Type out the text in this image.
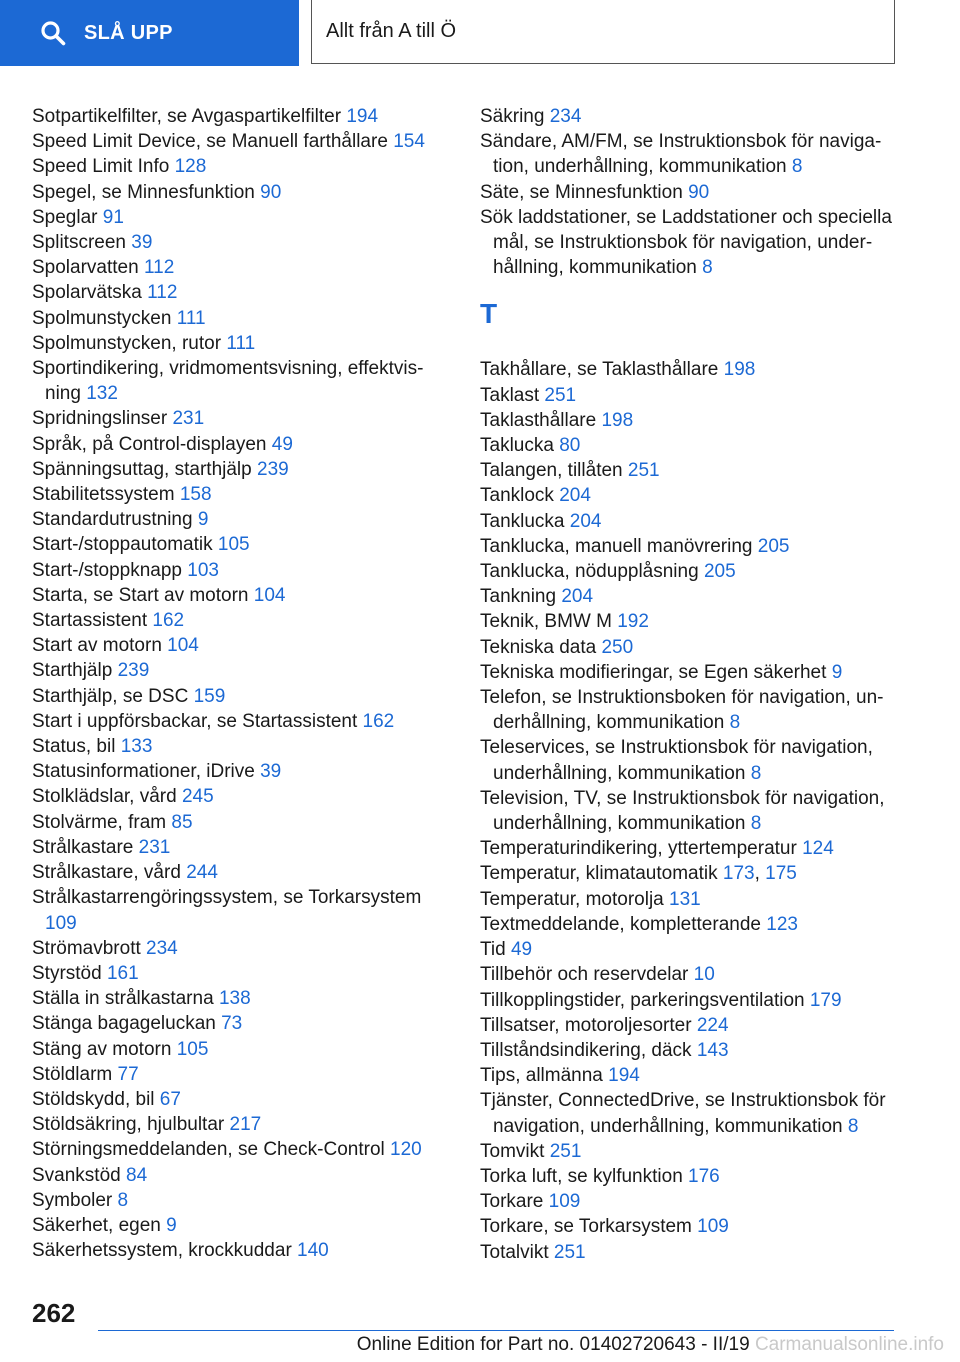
SLÅ UPP	Allt från A till Ö
Sotpartikelfilter, se Avgaspartikelfilter 194
Speed Limit Device, se Manuell farthållare 154
Speed Limit Info 128
Spegel, se Minnesfunktion 90
Speglar 91
Splitscreen 39
Spolarvatten 112
Spolarvätska 112
Spolmunstycken 111
Spolmunstycken, rutor 111
Sportindikering, vridmomentsvisning, effektvisning 132
Spridningslinser 231
Språk, på Control-displayen 49
Spänningsuttag, starthjälp 239
Stabilitetssystem 158
Standardutrustning 9
Start-/stoppautomatik 105
Start-/stoppknapp 103
Starta, se Start av motorn 104
Startassistent 162
Start av motorn 104
Starthjälp 239
Starthjälp, se DSC 159
Start i uppförsbackar, se Startassistent 162
Status, bil 133
Statusinformationer, iDrive 39
Stolklädslar, vård 245
Stolvärme, fram 85
Strålkastare 231
Strålkastare, vård 244
Strålkastarrengöringssystem, se Torkarsystem 109
Strömavbrott 234
Styrstöd 161
Ställa in strålkastarna 138
Stänga bagageluckan 73
Stäng av motorn 105
Stöldlarm 77
Stöldskydd, bil 67
Stöldsäkring, hjulbultar 217
Störningsmeddelanden, se Check-Control 120
Svankstöd 84
Symboler 8
Säkerhet, egen 9
Säkerhetssystem, krockkuddar 140
Säkring 234
Sändare, AM/FM, se Instruktionsbok för navigation, underhållning, kommunikation 8
Säte, se Minnesfunktion 90
Sök laddstationer, se Laddstationer och speciella mål, se Instruktionsbok för navigation, underhållning, kommunikation 8
T
Takhållare, se Taklasthållare 198
Taklast 251
Taklasthållare 198
Taklucka 80
Talangen, tillåten 251
Tanklock 204
Tanklucka 204
Tanklucka, manuell manövrering 205
Tanklucka, nödupplåsning 205
Tankning 204
Teknik, BMW M 192
Tekniska data 250
Tekniska modifieringar, se Egen säkerhet 9
Telefon, se Instruktionsboken för navigation, underhållning, kommunikation 8
Teleservices, se Instruktionsbok för navigation, underhållning, kommunikation 8
Television, TV, se Instruktionsbok för navigation, underhållning, kommunikation 8
Temperaturindikering, yttertemperatur 124
Temperatur, klimatautomatik 173, 175
Temperatur, motorolja 131
Textmeddelande, kompletterande 123
Tid 49
Tillbehör och reservdelar 10
Tillkopplingstider, parkeringsventilation 179
Tillsatser, motoroljesorter 224
Tillståndsindikering, däck 143
Tips, allmänna 194
Tjänster, ConnectedDrive, se Instruktionsbok för navigation, underhållning, kommunikation 8
Tomvikt 251
Torka luft, se kylfunktion 176
Torkare 109
Torkare, se Torkarsystem 109
Totalvikt 251
262
Online Edition for Part no. 01402720643 - II/19 Carmanualsonline.info
